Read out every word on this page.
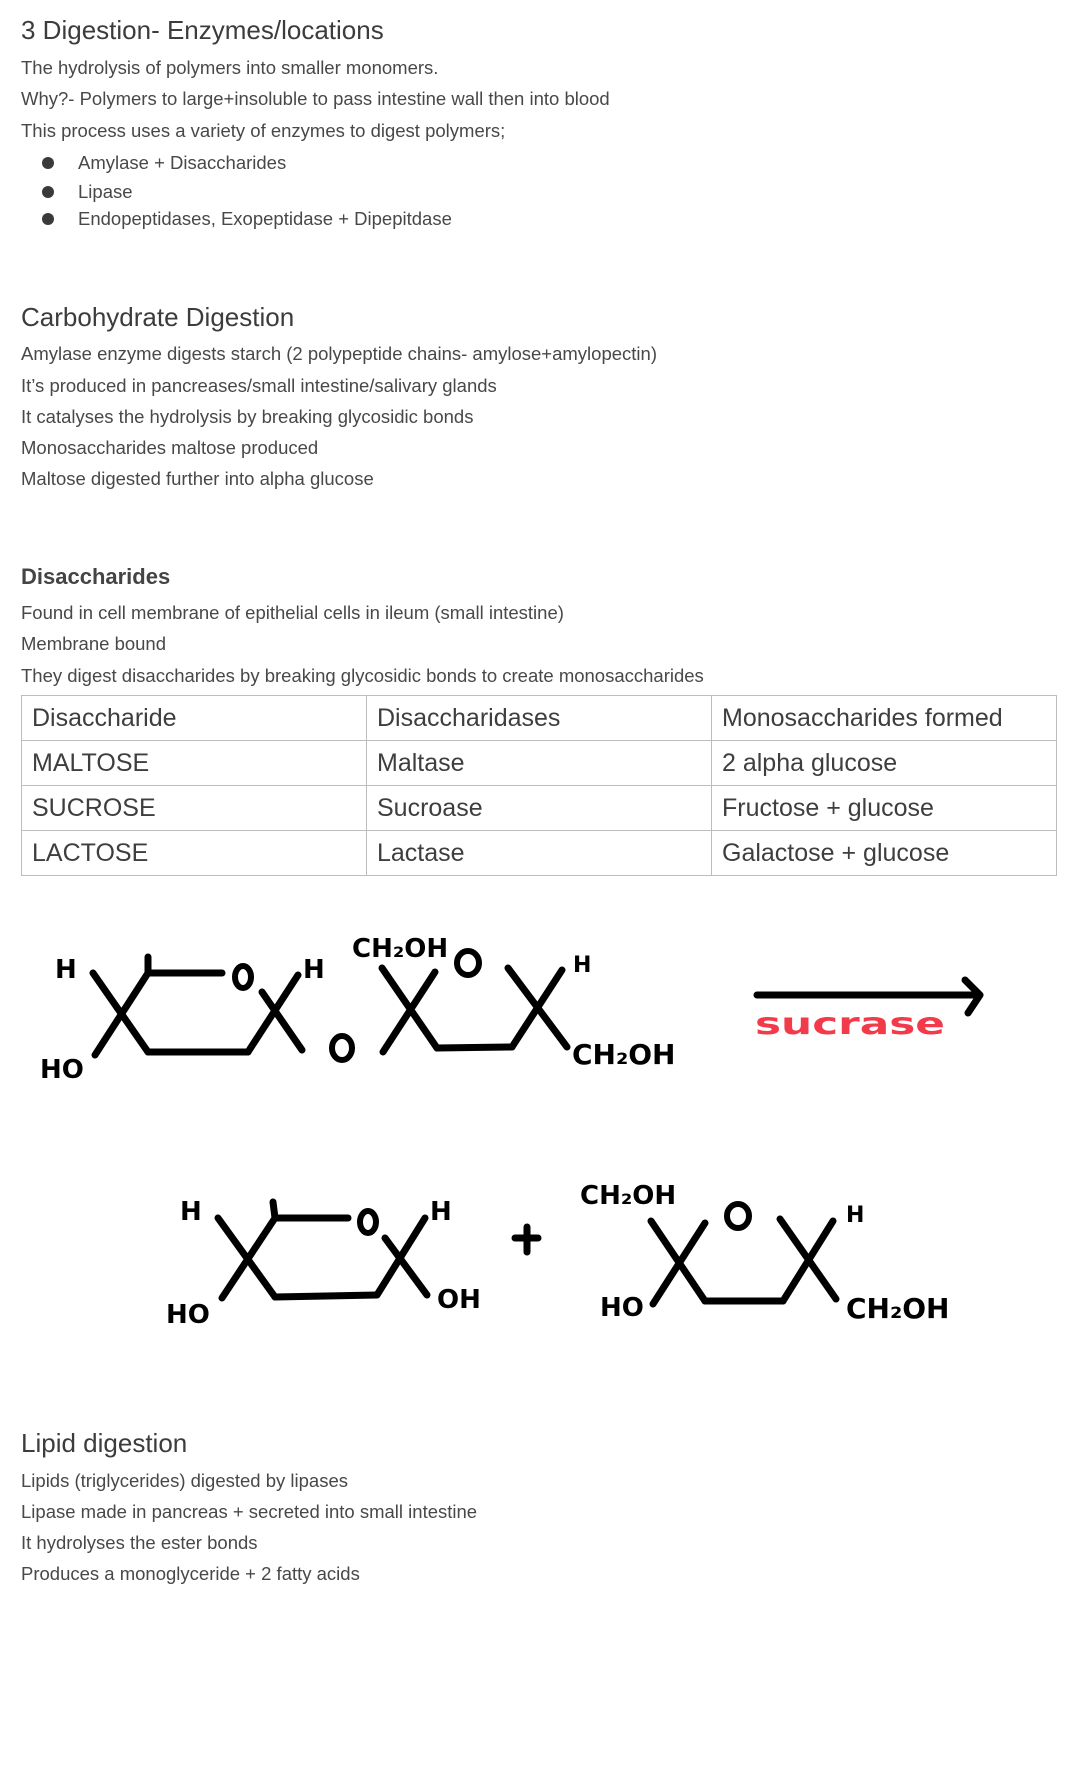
3 Digestion- Enzymes/locations
The hydrolysis of polymers into smaller monomers.
Why?- Polymers to large+insoluble to pass intestine wall then into blood
This process uses a variety of enzymes to digest polymers;
Amylase + Disaccharides
Lipase
Endopeptidases, Exopeptidase + Dipepitdase
Carbohydrate Digestion
Amylase enzyme digests starch (2 polypeptide chains- amylose+amylopectin)
It’s produced in pancreases/small intestine/salivary glands
It catalyses the hydrolysis by breaking glycosidic bonds
Monosaccharides maltose produced
Maltose digested further into alpha glucose
Disaccharides
Found in cell membrane of epithelial cells in ileum (small intestine)
Membrane bound
They digest disaccharides by breaking glycosidic bonds to create monosaccharides
Disaccharide	Disaccharidases	Monosaccharides formed
MALTOSE	Maltase	2 alpha glucose
SUCROSE	Sucroase	Fructose + glucose
LACTOSE	Lactase	Galactose + glucose
H
HO
H
CH₂OH
H
CH₂OH
H
HO
H
OH
CH₂OH
H
HO	CH₂OH
sucrase
Lipid digestion
Lipids (triglycerides) digested by lipases
Lipase made in pancreas + secreted into small intestine
It hydrolyses the ester bonds
Produces a monoglyceride + 2 fatty acids
